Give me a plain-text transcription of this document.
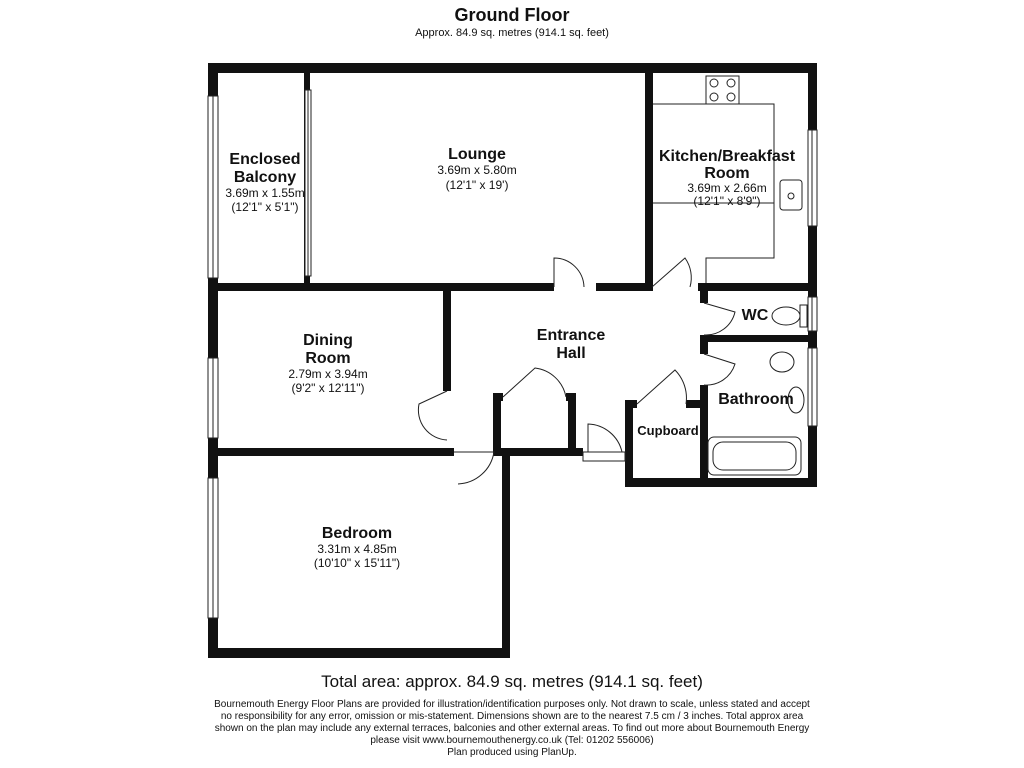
Ground Floor
Approx. 84.9 sq. metres (914.1 sq. feet)
Enclosed
Balcony
3.69m x 1.55m
(12'1" x 5'1")
Lounge
3.69m x 5.80m
(12'1" x 19')
Kitchen/Breakfast
Room
3.69m x 2.66m
(12'1" x 8'9")
WC
Dining
Room
2.79m x 3.94m
(9'2" x 12'11")
Entrance
Hall
Bathroom
Cupboard
Bedroom
3.31m x 4.85m
(10'10" x 15'11")
Total area: approx. 84.9 sq. metres (914.1 sq. feet)
Bournemouth Energy Floor Plans are provided for illustration/identification purposes only. Not drawn to scale, unless stated and accept
no responsibility for any error, omission or mis-statement. Dimensions shown are to the nearest 7.5 cm / 3 inches. Total approx area
shown on the plan may include any external terraces, balconies and other external areas. To find out more about Bournemouth Energy
please visit www.bournemouthenergy.co.uk (Tel: 01202 556006)
Plan produced using PlanUp.
